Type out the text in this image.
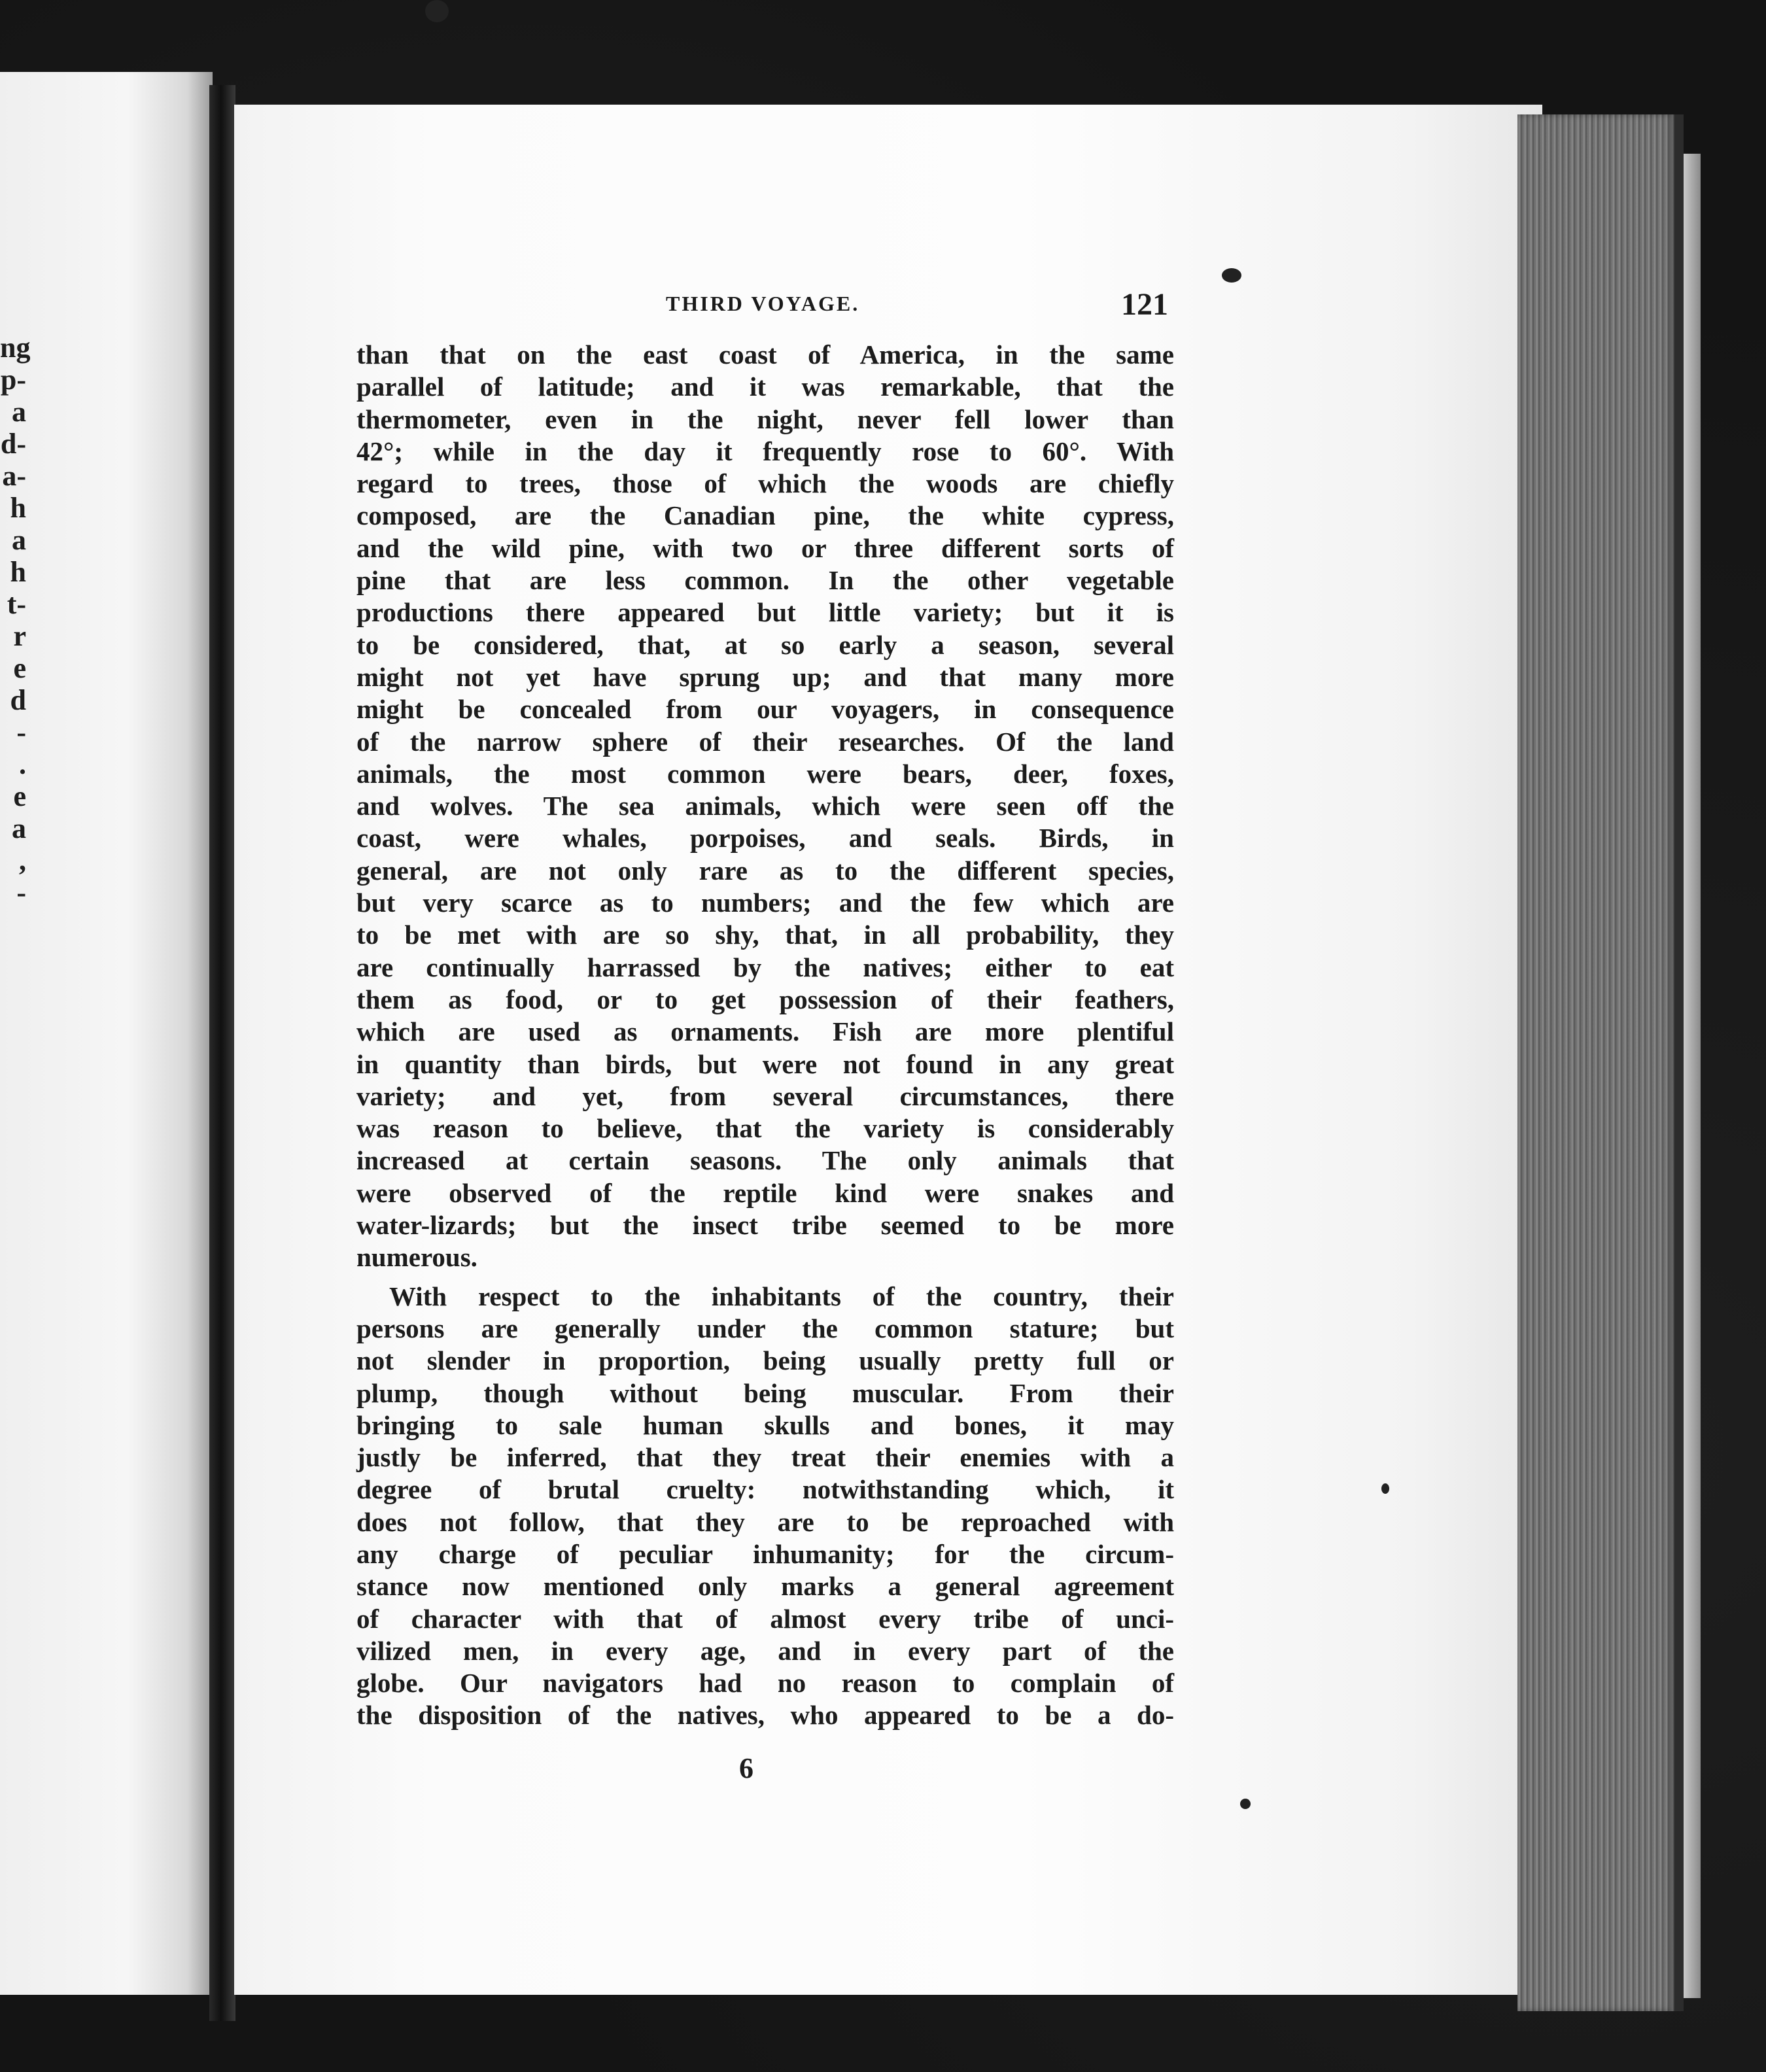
ng
p-
a
d-
a-
h
a
h
t-
r
e
d
-
.
e
a
,
-
THIRD VOYAGE.	121
than that on the east coast of America, in the same
parallel of latitude; and it was remarkable, that the
thermometer, even in the night, never fell lower than
42°; while in the day it frequently rose to 60°. With
regard to trees, those of which the woods are chiefly
composed, are the Canadian pine, the white cypress,
and the wild pine, with two or three different sorts of
pine that are less common. In the other vegetable
productions there appeared but little variety; but it is
to be considered, that, at so early a season, several
might not yet have sprung up; and that many more
might be concealed from our voyagers, in consequence
of the narrow sphere of their researches. Of the land
animals, the most common were bears, deer, foxes,
and wolves. The sea animals, which were seen off the
coast, were whales, porpoises, and seals. Birds, in
general, are not only rare as to the different species,
but very scarce as to numbers; and the few which are
to be met with are so shy, that, in all probability, they
are continually harrassed by the natives; either to eat
them as food, or to get possession of their feathers,
which are used as ornaments. Fish are more plentiful
in quantity than birds, but were not found in any great
variety; and yet, from several circumstances, there
was reason to believe, that the variety is considerably
increased at certain seasons. The only animals that
were observed of the reptile kind were snakes and
water-lizards; but the insect tribe seemed to be more
numerous.
With respect to the inhabitants of the country, their
persons are generally under the common stature; but
not slender in proportion, being usually pretty full or
plump, though without being muscular. From their
bringing to sale human skulls and bones, it may
justly be inferred, that they treat their enemies with a
degree of brutal cruelty: notwithstanding which, it
does not follow, that they are to be reproached with
any charge of peculiar inhumanity; for the circum-
stance now mentioned only marks a general agreement
of character with that of almost every tribe of unci-
vilized men, in every age, and in every part of the
globe. Our navigators had no reason to complain of
the disposition of the natives, who appeared to be a do-
6
